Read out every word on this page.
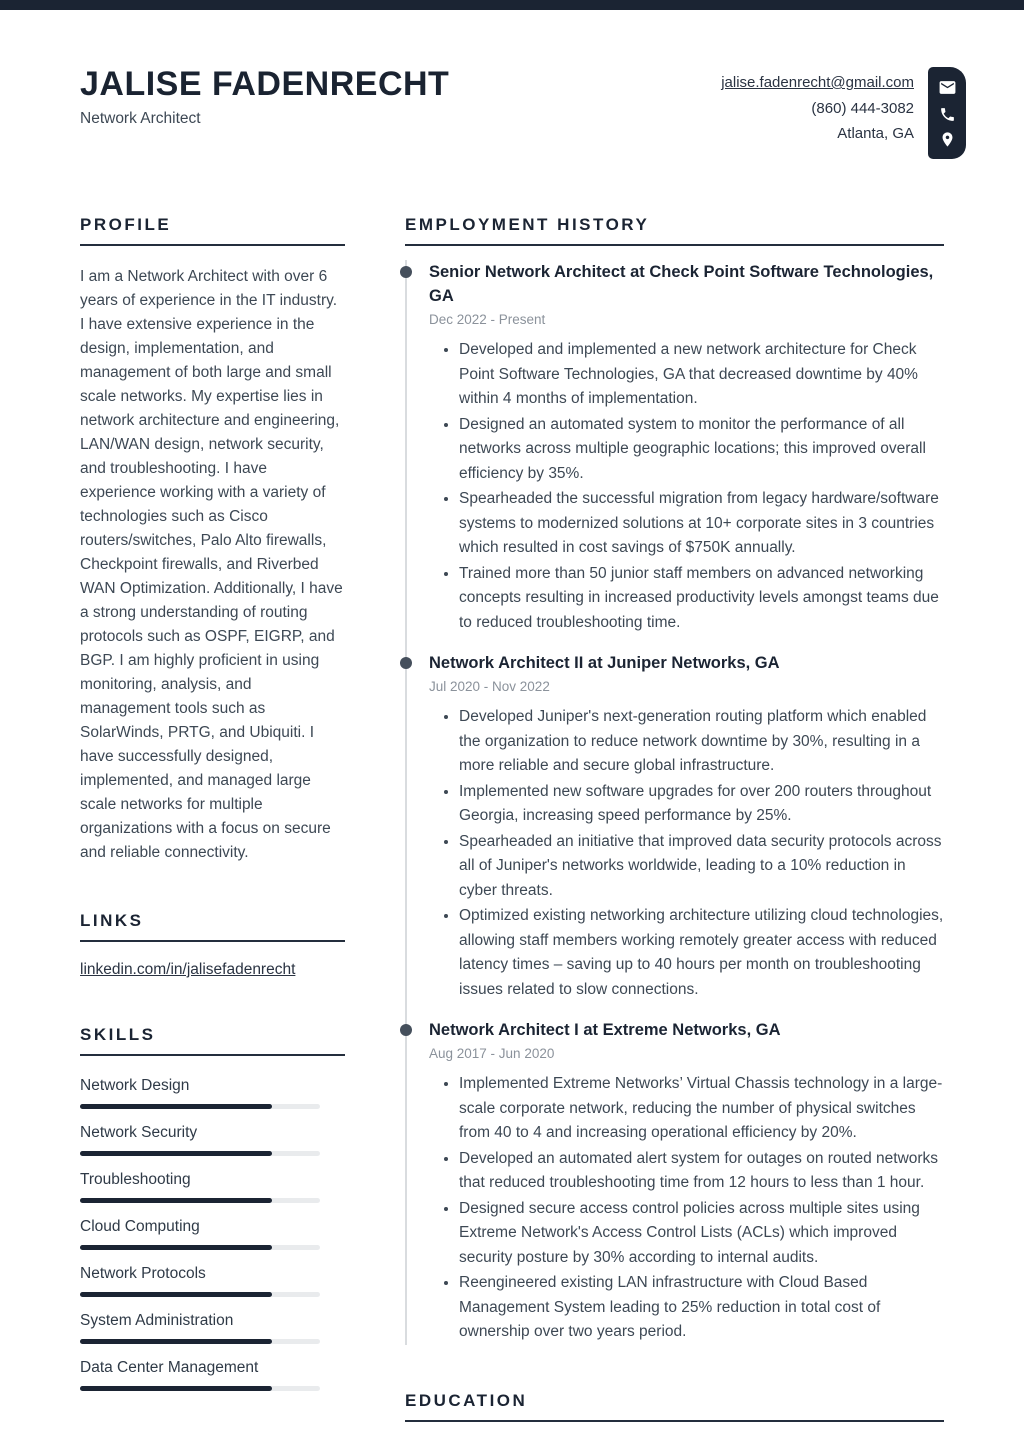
JALISE FADENRECHT
Network Architect
jalise.fadenrecht@gmail.com
(860) 444-3082
Atlanta, GA
PROFILE
I am a Network Architect with over 6 years of experience in the IT industry. I have extensive experience in the design, implementation, and management of both large and small scale networks. My expertise lies in network architecture and engineering, LAN/WAN design, network security, and troubleshooting. I have experience working with a variety of technologies such as Cisco routers/switches, Palo Alto firewalls, Checkpoint firewalls, and Riverbed WAN Optimization. Additionally, I have a strong understanding of routing protocols such as OSPF, EIGRP, and BGP. I am highly proficient in using monitoring, analysis, and management tools such as SolarWinds, PRTG, and Ubiquiti. I have successfully designed, implemented, and managed large scale networks for multiple organizations with a focus on secure and reliable connectivity.
LINKS
linkedin.com/in/jalisefadenrecht
SKILLS
Network Design
Network Security
Troubleshooting
Cloud Computing
Network Protocols
System Administration
Data Center Management
EMPLOYMENT HISTORY
Senior Network Architect at Check Point Software Technologies, GA
Dec 2022 - Present
• Developed and implemented a new network architecture for Check Point Software Technologies, GA that decreased downtime by 40% within 4 months of implementation.
• Designed an automated system to monitor the performance of all networks across multiple geographic locations; this improved overall efficiency by 35%.
• Spearheaded the successful migration from legacy hardware/software systems to modernized solutions at 10+ corporate sites in 3 countries which resulted in cost savings of $750K annually.
• Trained more than 50 junior staff members on advanced networking concepts resulting in increased productivity levels amongst teams due to reduced troubleshooting time.
Network Architect II at Juniper Networks, GA
Jul 2020 - Nov 2022
• Developed Juniper's next-generation routing platform which enabled the organization to reduce network downtime by 30%, resulting in a more reliable and secure global infrastructure.
• Implemented new software upgrades for over 200 routers throughout Georgia, increasing speed performance by 25%.
• Spearheaded an initiative that improved data security protocols across all of Juniper's networks worldwide, leading to a 10% reduction in cyber threats.
• Optimized existing networking architecture utilizing cloud technologies, allowing staff members working remotely greater access with reduced latency times – saving up to 40 hours per month on troubleshooting issues related to slow connections.
Network Architect I at Extreme Networks, GA
Aug 2017 - Jun 2020
• Implemented Extreme Networks’ Virtual Chassis technology in a large-scale corporate network, reducing the number of physical switches from 40 to 4 and increasing operational efficiency by 20%.
• Developed an automated alert system for outages on routed networks that reduced troubleshooting time from 12 hours to less than 1 hour.
• Designed secure access control policies across multiple sites using Extreme Network's Access Control Lists (ACLs) which improved security posture by 30% according to internal audits.
• Reengineered existing LAN infrastructure with Cloud Based Management System leading to 25% reduction in total cost of ownership over two years period.
EDUCATION
